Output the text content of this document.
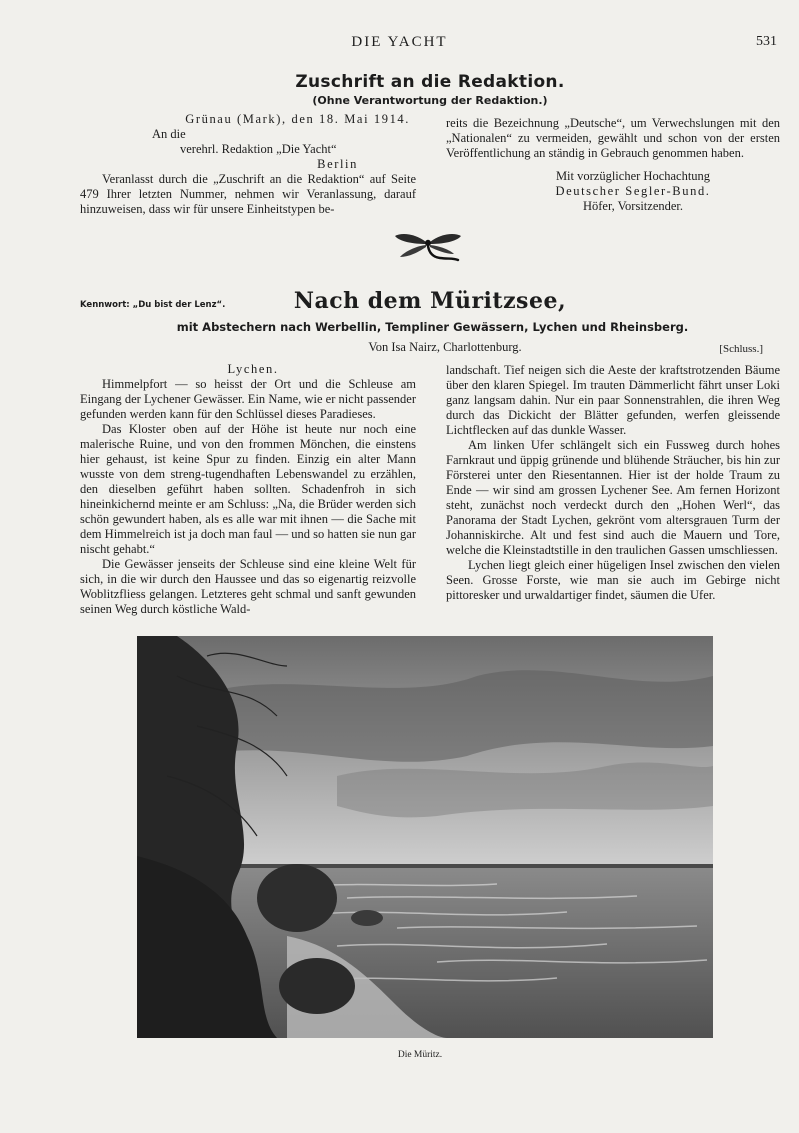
DIE YACHT	531
Zuschrift an die Redaktion.
(Ohne Verantwortung der Redaktion.)
Grünau (Mark), den 18. Mai 1914.
An die
verehrl. Redaktion „Die Yacht“
Berlin

Veranlasst durch die „Zuschrift an die Redaktion“ auf Seite 479 Ihrer letzten Nummer, nehmen wir Veranlassung, darauf hinzuweisen, dass wir für unsere Einheitstypen be-

reits die Bezeichnung „Deutsche“, um Verwechslungen mit den „Nationalen“ zu vermeiden, gewählt und schon von der ersten Veröffentlichung an ständig in Gebrauch genommen haben.

Mit vorzüglicher Hochachtung
Deutscher Segler-Bund.
Höfer, Vorsitzender.
Kennwort: „Du bist der Lenz“.	Nach dem Müritzsee,
mit Abstechern nach Werbellin, Templiner Gewässern, Lychen und Rheinsberg.
Von Isa Nairz, Charlottenburg.	[Schluss.]
Lychen.

Himmelpfort — so heisst der Ort und die Schleuse am Eingang der Lychener Gewässer. Ein Name, wie er nicht passender gefunden werden kann für den Schlüssel dieses Paradieses.

Das Kloster oben auf der Höhe ist heute nur noch eine malerische Ruine, und von den frommen Mönchen, die einstens hier gehaust, ist keine Spur zu finden. Einzig ein alter Mann wusste von dem streng-tugendhaften Lebenswandel zu erzählen, den dieselben geführt haben sollten. Schadenfroh in sich hineinkichernd meinte er am Schluss: „Na, die Brüder werden sich schön gewundert haben, als es alle war mit ihnen — die Sache mit dem Himmelreich ist ja doch man faul — und so hatten sie nun gar nischt gehabt.“

Die Gewässer jenseits der Schleuse sind eine kleine Welt für sich, in die wir durch den Haussee und das so eigenartig reizvolle Woblitzfliess gelangen. Letzteres geht schmal und sanft gewunden seinen Weg durch köstliche Wald-

landschaft. Tief neigen sich die Aeste der kraftstrotzenden Bäume über den klaren Spiegel. Im trauten Dämmerlicht fährt unser Loki ganz langsam dahin. Nur ein paar Sonnenstrahlen, die ihren Weg durch das Dickicht der Blätter gefunden, werfen gleissende Lichtflecken auf das dunkle Wasser.

Am linken Ufer schlängelt sich ein Fussweg durch hohes Farnkraut und üppig grünende und blühende Sträucher, bis hin zur Försterei unter den Riesentannen. Hier ist der holde Traum zu Ende — wir sind am grossen Lychener See. Am fernen Horizont steht, zunächst noch verdeckt durch den „Hohen Werl“, das Panorama der Stadt Lychen, gekrönt vom altersgrauen Turm der Johanniskirche. Alt und fest sind auch die Mauern und Tore, welche die Kleinstadtstille in den traulichen Gassen umschliessen.

Lychen liegt gleich einer hügeligen Insel zwischen den vielen Seen. Grosse Forste, wie man sie auch im Gebirge nicht pittoresker und urwaldartiger findet, säumen die Ufer.

Die Müritz.
